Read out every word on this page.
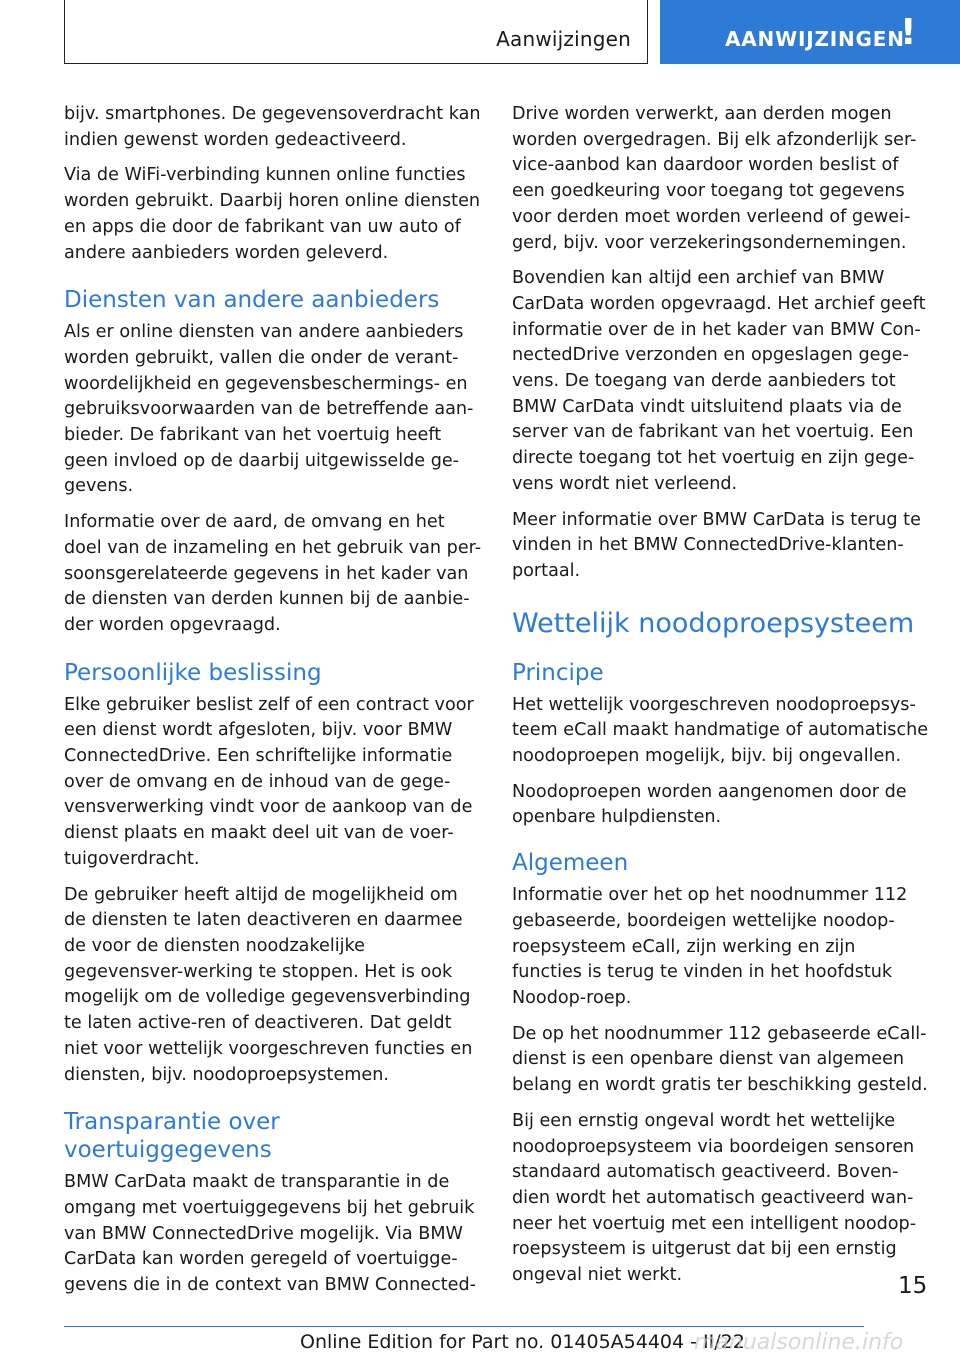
Aanwijzingen	AANWIJZINGEN
!

bijv. smartphones. De gegevensoverdracht kan indien gewenst worden gedeactiveerd.

Via de WiFi-verbinding kunnen online functies worden gebruikt. Daarbij horen online diensten en apps die door de fabrikant van uw auto of andere aanbieders worden geleverd.

Diensten van andere aanbieders

Als er online diensten van andere aanbieders worden gebruikt, vallen die onder de verant-woordelijkheid en gegevensbeschermings- en gebruiksvoorwaarden van de betreffende aan-bieder. De fabrikant van het voertuig heeft geen invloed op de daarbij uitgewisselde ge-gevens.

Informatie over de aard, de omvang en het doel van de inzameling en het gebruik van per-soonsgerelateerde gegevens in het kader van de diensten van derden kunnen bij de aanbie-der worden opgevraagd.

Persoonlijke beslissing

Elke gebruiker beslist zelf of een contract voor een dienst wordt afgesloten, bijv. voor BMW ConnectedDrive. Een schriftelijke informatie over de omvang en de inhoud van de gege-vensverwerking vindt voor de aankoop van de dienst plaats en maakt deel uit van de voer-tuigoverdracht.

De gebruiker heeft altijd de mogelijkheid om de diensten te laten deactiveren en daarmee de voor de diensten noodzakelijke gegevensver-werking te stoppen. Het is ook mogelijk om de volledige gegevensverbinding te laten active-ren of deactiveren. Dat geldt niet voor wettelijk voorgeschreven functies en diensten, bijv. noodoproepsystemen.

Transparantie over voertuiggegevens

BMW CarData maakt de transparantie in de omgang met voertuiggegevens bij het gebruik van BMW ConnectedDrive mogelijk. Via BMW CarData kan worden geregeld of voertuigge-gevens die in de context van BMW Connected-

Drive worden verwerkt, aan derden mogen worden overgedragen. Bij elk afzonderlijk ser-vice-aanbod kan daardoor worden beslist of een goedkeuring voor toegang tot gegevens voor derden moet worden verleend of gewei-gerd, bijv. voor verzekeringsondernemingen.

Bovendien kan altijd een archief van BMW CarData worden opgevraagd. Het archief geeft informatie over de in het kader van BMW Con-nectedDrive verzonden en opgeslagen gege-vens. De toegang van derde aanbieders tot BMW CarData vindt uitsluitend plaats via de server van de fabrikant van het voertuig. Een directe toegang tot het voertuig en zijn gege-vens wordt niet verleend.

Meer informatie over BMW CarData is terug te vinden in het BMW ConnectedDrive-klanten-portaal.

Wettelijk noodoproepsysteem
Principe

Het wettelijk voorgeschreven noodoproepsys-teem eCall maakt handmatige of automatische noodoproepen mogelijk, bijv. bij ongevallen.

Noodoproepen worden aangenomen door de openbare hulpdiensten.

Algemeen

Informatie over het op het noodnummer 112 gebaseerde, boordeigen wettelijke noodop-roepsysteem eCall, zijn werking en zijn functies is terug te vinden in het hoofdstuk Noodop-roep.

De op het noodnummer 112 gebaseerde eCall-dienst is een openbare dienst van algemeen belang en wordt gratis ter beschikking gesteld.

Bij een ernstig ongeval wordt het wettelijke noodoproepsysteem via boordeigen sensoren standaard automatisch geactiveerd. Boven-dien wordt het automatisch geactiveerd wan-neer het voertuig met een intelligent noodop-roepsysteem is uitgerust dat bij een ernstig ongeval niet werkt.	15
Online Edition for Part no. 01405A54404 - II/22
manualsonline.info
